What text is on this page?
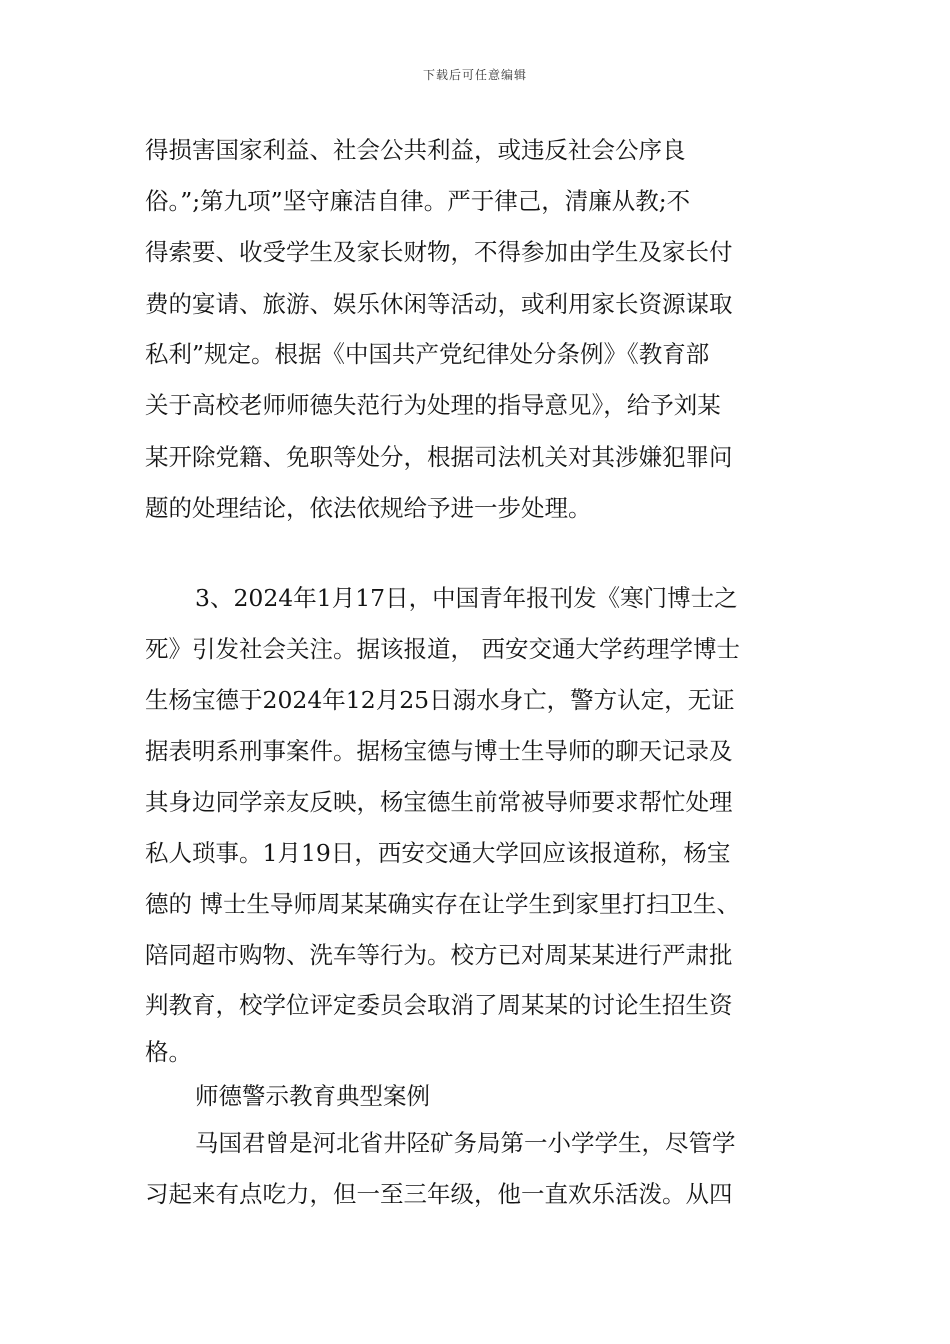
下载后可任意编辑
得损害国家利益、社会公共利益，或违反社会公序良
俗。”;第九项”坚守廉洁自律。严于律己，清廉从教;不
得索要、收受学生及家长财物，不得参加由学生及家长付
费的宴请、旅游、娱乐休闲等活动，或利用家长资源谋取
私利”规定。根据《中国共产党纪律处分条例》《教育部
关于高校老师师德失范行为处理的指导意见》，给予刘某
某开除党籍、免职等处分，根据司法机关对其涉嫌犯罪问
题的处理结论，依法依规给予进一步处理。
3、2024年1月17日，中国青年报刊发《寒门博士之
死》引发社会关注。据该报道， 西安交通大学药理学博士
生杨宝德于2024年12月25日溺水身亡，警方认定，无证
据表明系刑事案件。据杨宝德与博士生导师的聊天记录及
其身边同学亲友反映，杨宝德生前常被导师要求帮忙处理
私人琐事。1月19日，西安交通大学回应该报道称，杨宝
德的 博士生导师周某某确实存在让学生到家里打扫卫生、
陪同超市购物、洗车等行为。校方已对周某某进行严肃批
判教育，校学位评定委员会取消了周某某的讨论生招生资
格。
师德警示教育典型案例
马国君曾是河北省井陉矿务局第一小学学生，尽管学
习起来有点吃力，但一至三年级，他一直欢乐活泼。从四
